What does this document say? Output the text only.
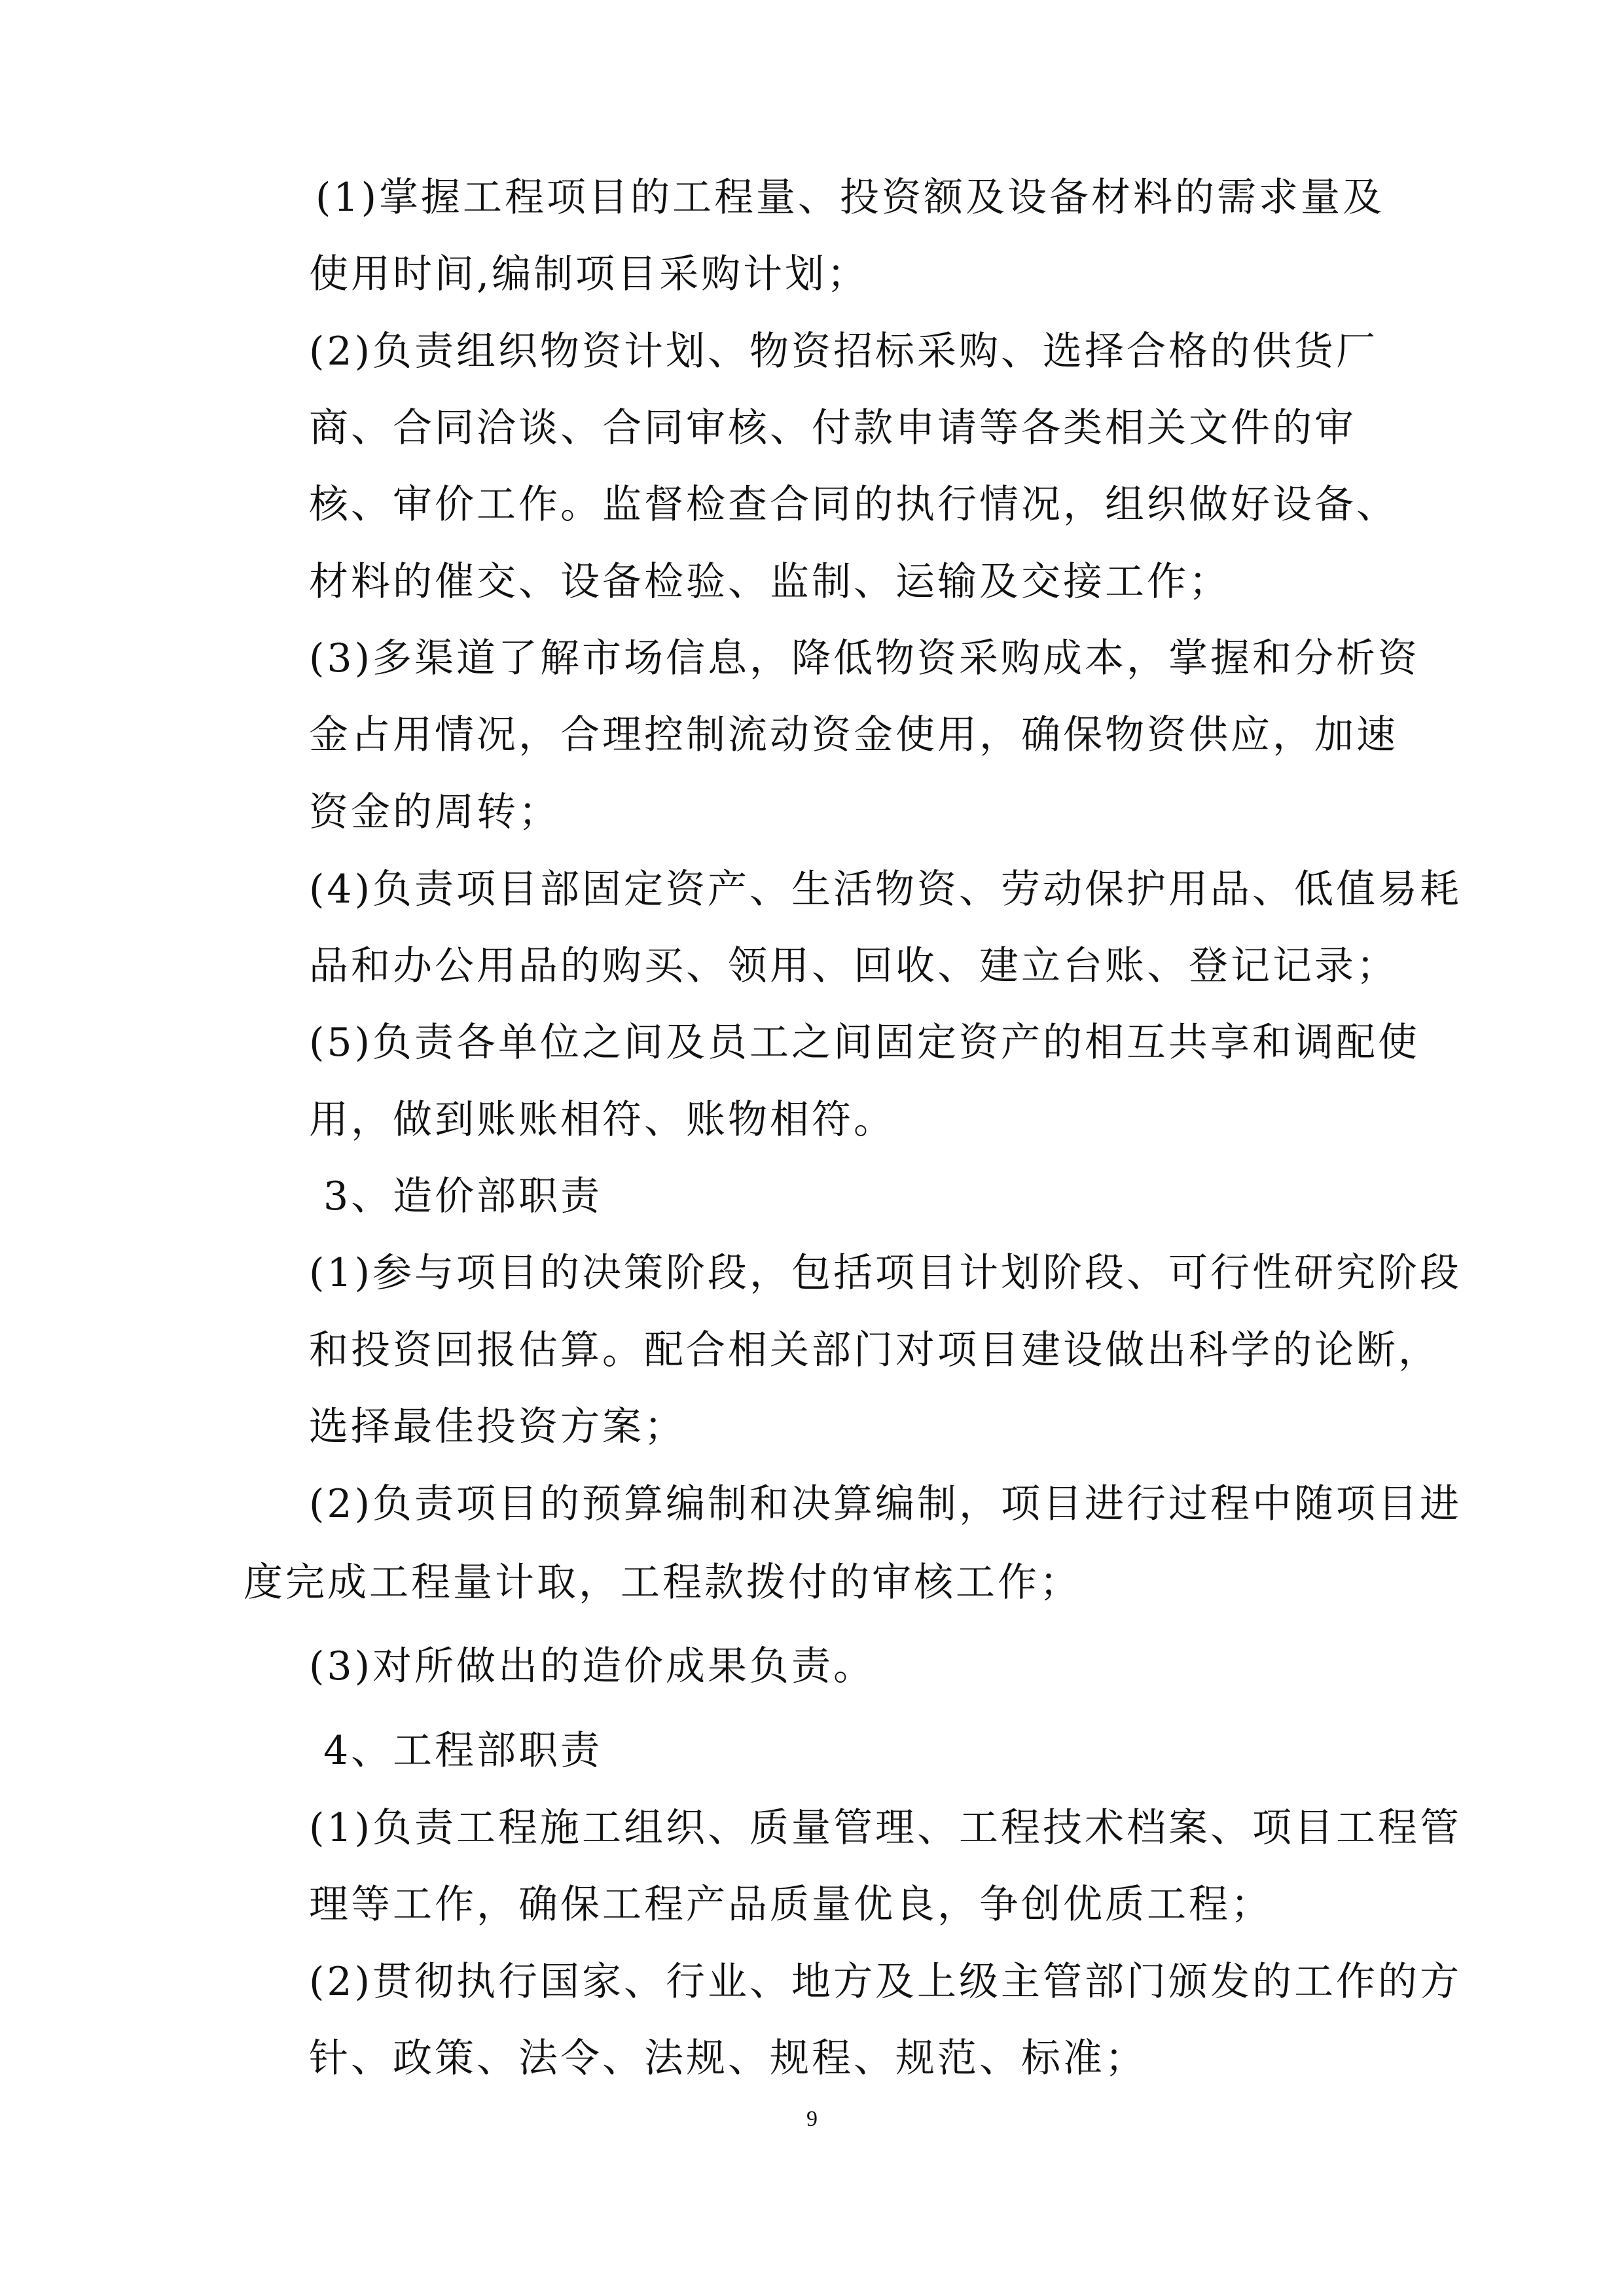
(1)掌握工程项目的工程量、投资额及设备材料的需求量及
使用时间,编制项目采购计划；
(2)负责组织物资计划、物资招标采购、选择合格的供货厂
商、合同洽谈、合同审核、付款申请等各类相关文件的审
核、审价工作。监督检查合同的执行情况，组织做好设备、
材料的催交、设备检验、监制、运输及交接工作；
(3)多渠道了解市场信息，降低物资采购成本，掌握和分析资
金占用情况，合理控制流动资金使用，确保物资供应，加速
资金的周转；
(4)负责项目部固定资产、生活物资、劳动保护用品、低值易耗
品和办公用品的购买、领用、回收、建立台账、登记记录；
(5)负责各单位之间及员工之间固定资产的相互共享和调配使
用，做到账账相符、账物相符。
3、造价部职责
(1)参与项目的决策阶段，包括项目计划阶段、可行性研究阶段
和投资回报估算。配合相关部门对项目建设做出科学的论断，
选择最佳投资方案；
(2)负责项目的预算编制和决算编制，项目进行过程中随项目进
度完成工程量计取，工程款拨付的审核工作；
(3)对所做出的造价成果负责。
4、工程部职责
(1)负责工程施工组织、质量管理、工程技术档案、项目工程管
理等工作，确保工程产品质量优良，争创优质工程；
(2)贯彻执行国家、行业、地方及上级主管部门颁发的工作的方
针、政策、法令、法规、规程、规范、标准；
9
